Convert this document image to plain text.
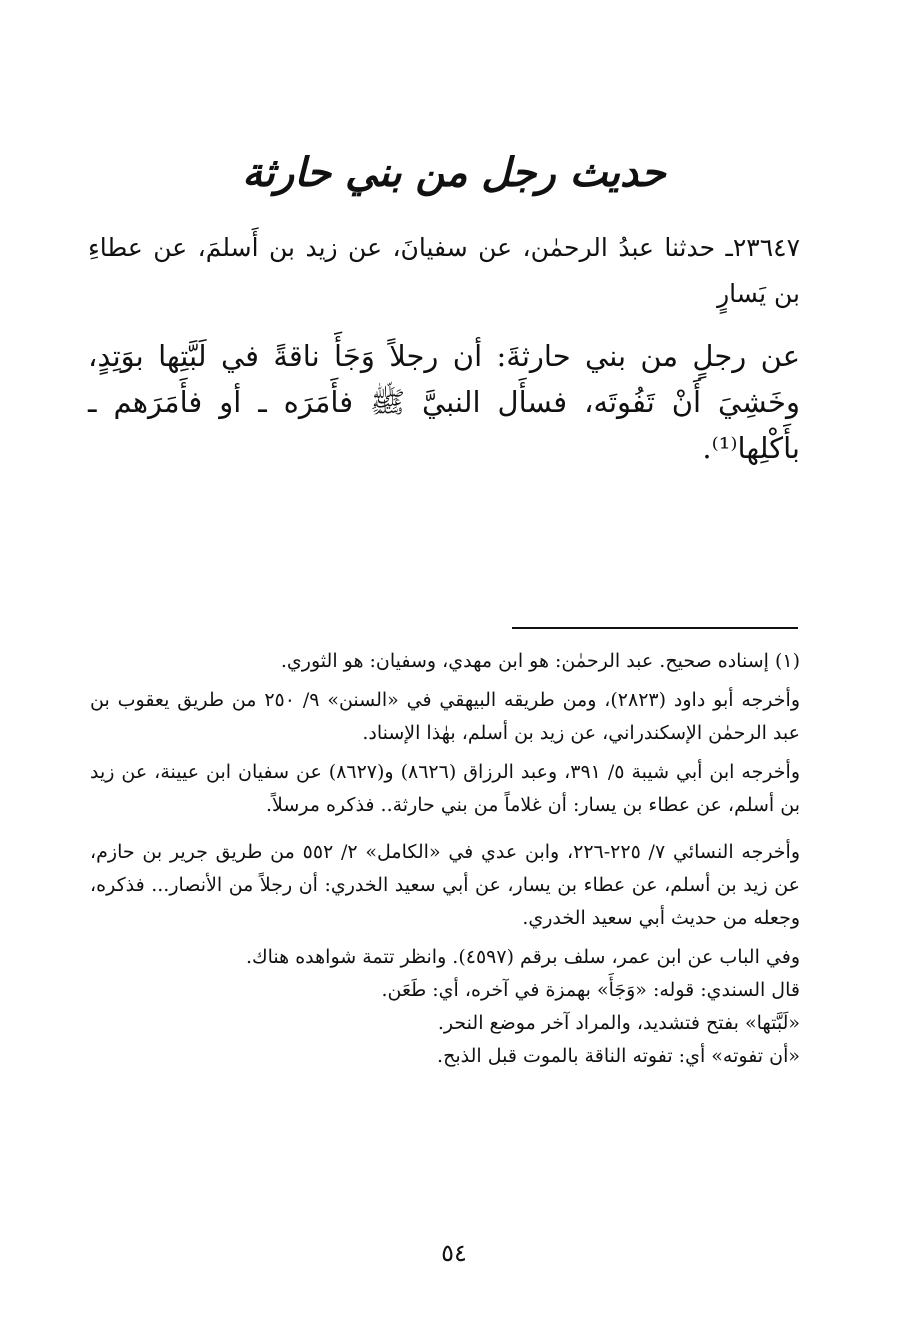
حديث رجل من بني حارثة
٢٣٦٤٧ـ حدثنا عبدُ الرحمٰن، عن سفيانَ، عن زيد بن أَسلمَ، عن عطاءِ بن يَسارٍ
عن رجلٍ من بني حارثةَ: أن رجلاً وَجَأَ ناقةً في لَبَّتِها بوَتِدٍ، وخَشِيَ أَنْ تَفُوتَه، فسأَل النبيَّ ﷺ فأَمَرَه ـ أو فأَمَرَهم ـ بأَكْلِها⁽¹⁾.

(١) إسناده صحيح. عبد الرحمٰن: هو ابن مهدي، وسفيان: هو الثوري.

وأخرجه أبو داود (٢٨٢٣)، ومن طريقه البيهقي في «السنن» ٩/ ٢٥٠ من طريق يعقوب بن عبد الرحمٰن الإسكندراني، عن زيد بن أسلم، بهٰذا الإسناد.

وأخرجه ابن أبي شيبة ٥/ ٣٩١، وعبد الرزاق (٨٦٢٦) و(٨٦٢٧) عن سفيان ابن عيينة، عن زيد بن أسلم، عن عطاء بن يسار: أن غلاماً من بني حارثة.. فذكره مرسلاً.

وأخرجه النسائي ٧/ ٢٢٥-٢٢٦، وابن عدي في «الكامل» ٢/ ٥٥٢ من طريق جرير بن حازم، عن زيد بن أسلم، عن عطاء بن يسار، عن أبي سعيد الخدري: أن رجلاً من الأنصار... فذكره، وجعله من حديث أبي سعيد الخدري.

وفي الباب عن ابن عمر، سلف برقم (٤٥٩٧). وانظر تتمة شواهده هناك.

قال السندي: قوله: «وَجَأَ» بهمزة في آخره، أي: طَعَن.

«لَبَّتها» بفتح فتشديد، والمراد آخر موضع النحر.

«أن تفوته» أي: تفوته الناقة بالموت قبل الذبح.

٥٤
